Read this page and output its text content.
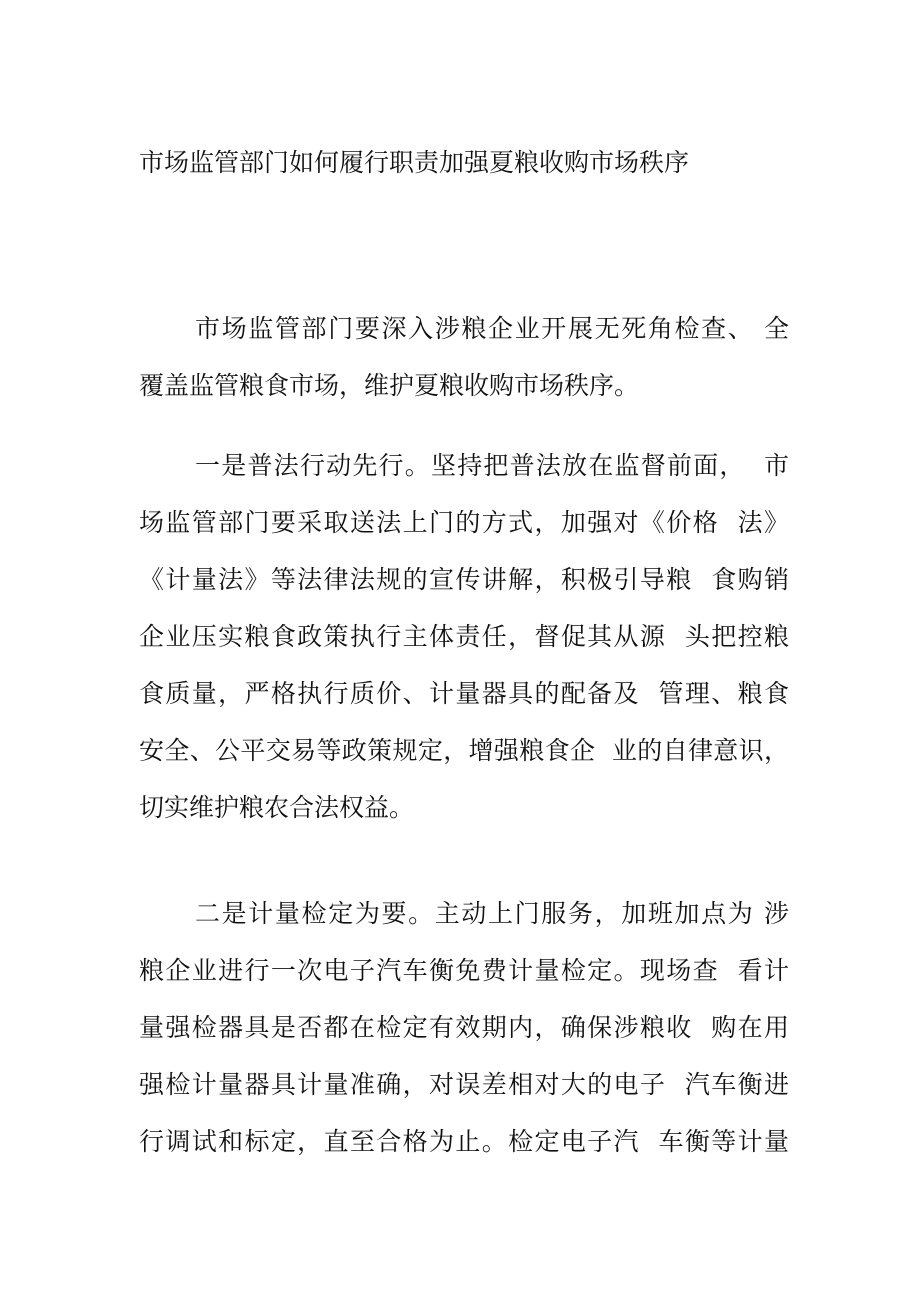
市场监管部门如何履行职责加强夏粮收购市场秩序
市场监管部门要深入涉粮企业开展无死角检查、 全
覆盖监管粮食市场，维护夏粮收购市场秩序。
一是普法行动先行。坚持把普法放在监督前面，  市
场监管部门要采取送法上门的方式，加强对《价格  法》
《计量法》等法律法规的宣传讲解，积极引导粮  食购销
企业压实粮食政策执行主体责任，督促其从源  头把控粮
食质量，严格执行质价、计量器具的配备及  管理、粮食
安全、公平交易等政策规定，增强粮食企  业的自律意识，
切实维护粮农合法权益。
二是计量检定为要。主动上门服务，加班加点为 涉
粮企业进行一次电子汽车衡免费计量检定。现场查  看计
量强检器具是否都在检定有效期内，确保涉粮收  购在用
强检计量器具计量准确，对误差相对大的电子  汽车衡进
行调试和标定，直至合格为止。检定电子汽  车衡等计量
